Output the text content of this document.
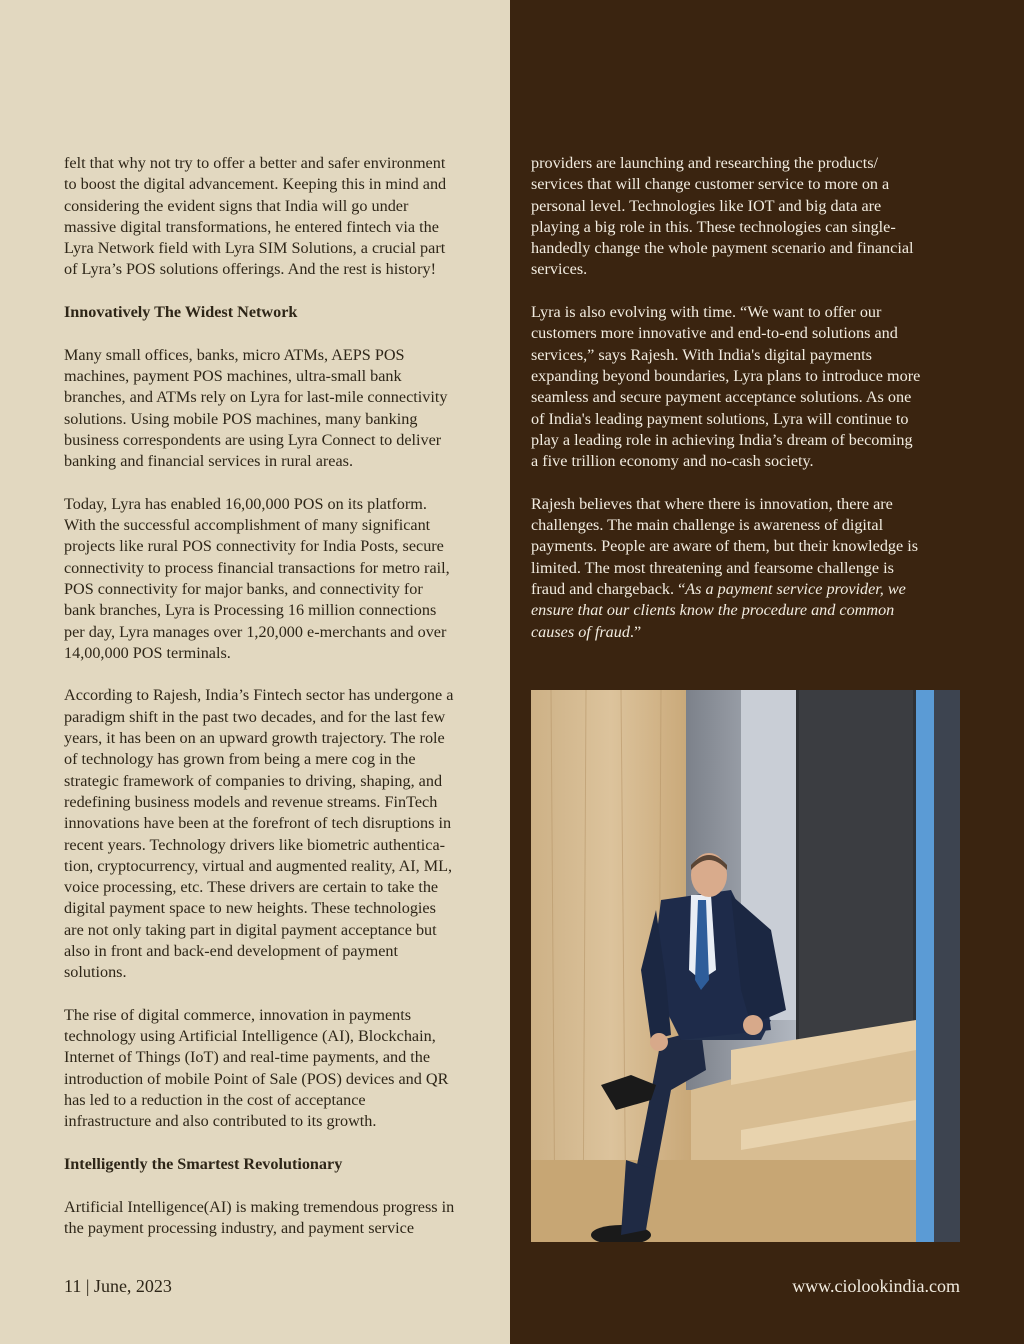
felt that why not try to offer a better and safer environment
to boost the digital advancement. Keeping this in mind and
considering the evident signs that India will go under
massive digital transformations, he entered fintech via the
Lyra Network field with Lyra SIM Solutions, a crucial part
of Lyra’s POS solutions offerings. And the rest is history!

Innovatively The Widest Network

Many small offices, banks, micro ATMs, AEPS POS
machines, payment POS machines, ultra-small bank
branches, and ATMs rely on Lyra for last-mile connectivity
solutions. Using mobile POS machines, many banking
business correspondents are using Lyra Connect to deliver
banking and financial services in rural areas.

Today, Lyra has enabled 16,00,000 POS on its platform.
With the successful accomplishment of many significant
projects like rural POS connectivity for India Posts, secure
connectivity to process financial transactions for metro rail,
POS connectivity for major banks, and connectivity for
bank branches, Lyra is Processing 16 million connections
per day, Lyra manages over 1,20,000 e-merchants and over
14,00,000 POS terminals.

According to Rajesh, India’s Fintech sector has undergone a
paradigm shift in the past two decades, and for the last few
years, it has been on an upward growth trajectory. The role
of technology has grown from being a mere cog in the
strategic framework of companies to driving, shaping, and
redefining business models and revenue streams. FinTech
innovations have been at the forefront of tech disruptions in
recent years. Technology drivers like biometric authentica-
tion, cryptocurrency, virtual and augmented reality, AI, ML,
voice processing, etc. These drivers are certain to take the
digital payment space to new heights. These technologies
are not only taking part in digital payment acceptance but
also in front and back-end development of payment
solutions.

The rise of digital commerce, innovation in payments
technology using Artificial Intelligence (AI), Blockchain,
Internet of Things (IoT) and real-time payments, and the
introduction of mobile Point of Sale (POS) devices and QR
has led to a reduction in the cost of acceptance
infrastructure and also contributed to its growth.

Intelligently the Smartest Revolutionary

Artificial Intelligence(AI) is making tremendous progress in
the payment processing industry, and payment service

providers are launching and researching the products/
services that will change customer service to more on a
personal level. Technologies like IOT and big data are
playing a big role in this. These technologies can single-
handedly change the whole payment scenario and financial
services.

Lyra is also evolving with time. “We want to offer our
customers more innovative and end-to-end solutions and
services,” says Rajesh. With India's digital payments
expanding beyond boundaries, Lyra plans to introduce more
seamless and secure payment acceptance solutions. As one
of India's leading payment solutions, Lyra will continue to
play a leading role in achieving India’s dream of becoming
a five trillion economy and no-cash society.

Rajesh believes that where there is innovation, there are
challenges. The main challenge is awareness of digital
payments. People are aware of them, but their knowledge is
limited. The most threatening and fearsome challenge is
fraud and chargeback. “As a payment service provider, we
ensure that our clients know the procedure and common
causes of fraud.”

11 | June, 2023	www.ciolookindia.com
